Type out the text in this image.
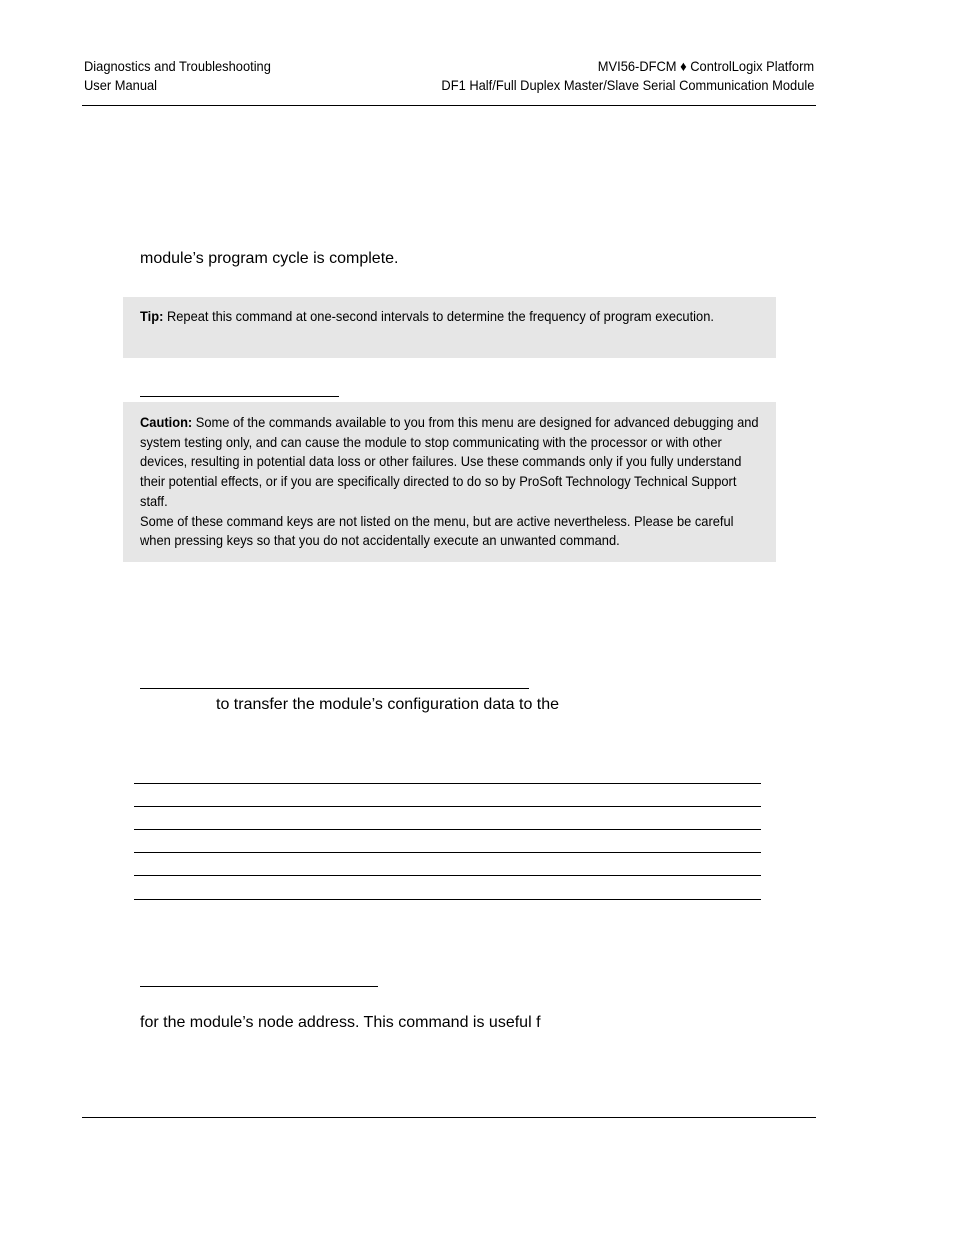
Diagnostics and Troubleshooting
User Manual
MVI56-DFCM ♦ ControlLogix Platform
DF1 Half/Full Duplex Master/Slave Serial Communication Module
module’s program cycle is complete.
Tip: Repeat this command at one-second intervals to determine the frequency of program execution.
Caution: Some of the commands available to you from this menu are designed for advanced debugging and system testing only, and can cause the module to stop communicating with the processor or with other devices, resulting in potential data loss or other failures. Use these commands only if you fully understand their potential effects, or if you are specifically directed to do so by ProSoft Technology Technical Support staff.
Some of these command keys are not listed on the menu, but are active nevertheless. Please be careful when pressing keys so that you do not accidentally execute an unwanted command.
to transfer the module’s configuration data to the
for the module’s node address. This command is useful f
